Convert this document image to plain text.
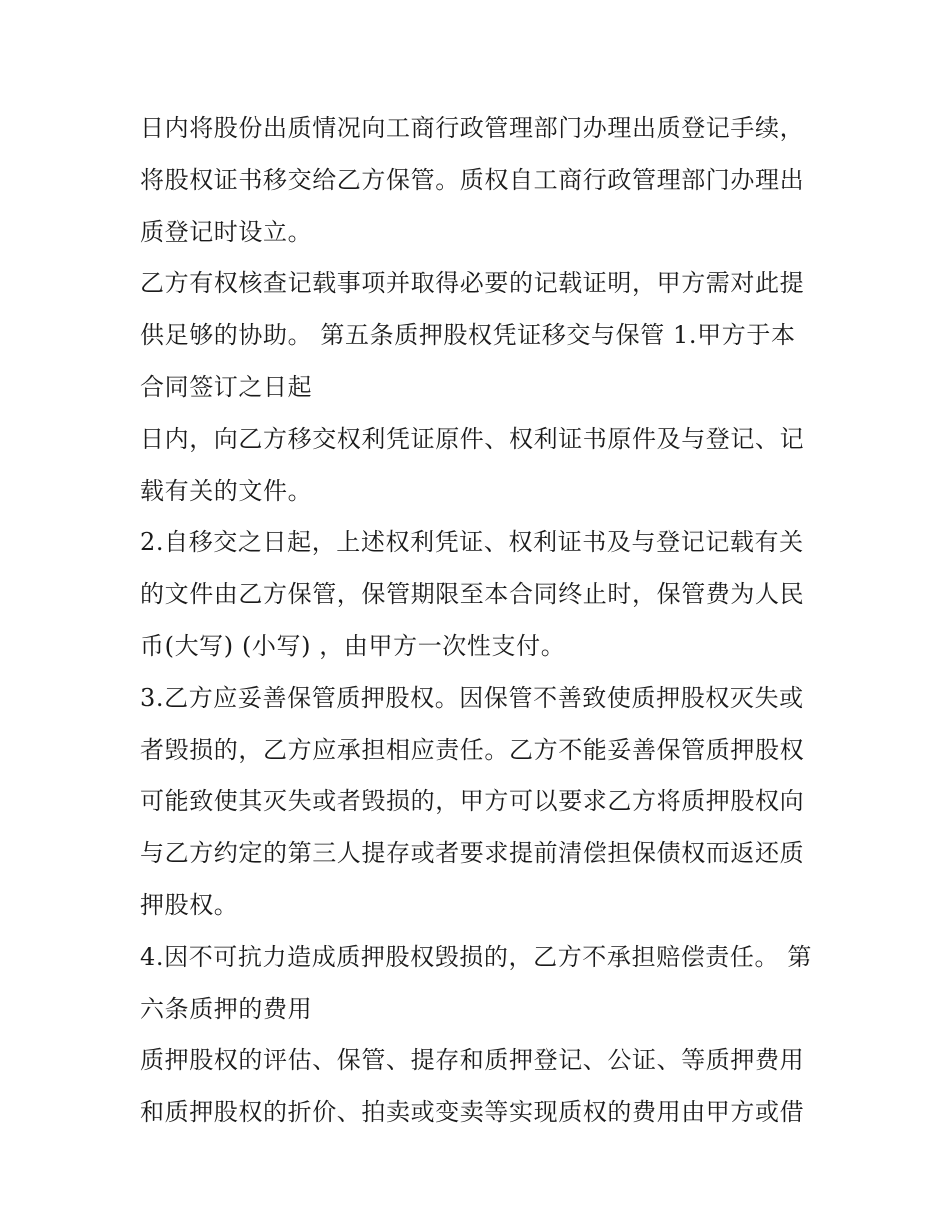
日内将股份出质情况向工商行政管理部门办理出质登记手续，
将股权证书移交给乙方保管。质权自工商行政管理部门办理出
质登记时设立。
乙方有权核查记载事项并取得必要的记载证明，甲方需对此提
供足够的协助。 第五条质押股权凭证移交与保管 1.甲方于本
合同签订之日起
日内，向乙方移交权利凭证原件、权利证书原件及与登记、记
载有关的文件。
2.自移交之日起，上述权利凭证、权利证书及与登记记载有关
的文件由乙方保管，保管期限至本合同终止时，保管费为人民
币(大写) (小写) ，由甲方一次性支付。
3.乙方应妥善保管质押股权。因保管不善致使质押股权灭失或
者毁损的，乙方应承担相应责任。乙方不能妥善保管质押股权
可能致使其灭失或者毁损的，甲方可以要求乙方将质押股权向
与乙方约定的第三人提存或者要求提前清偿担保债权而返还质
押股权。
4.因不可抗力造成质押股权毁损的，乙方不承担赔偿责任。 第
六条质押的费用
质押股权的评估、保管、提存和质押登记、公证、等质押费用
和质押股权的折价、拍卖或变卖等实现质权的费用由甲方或借
